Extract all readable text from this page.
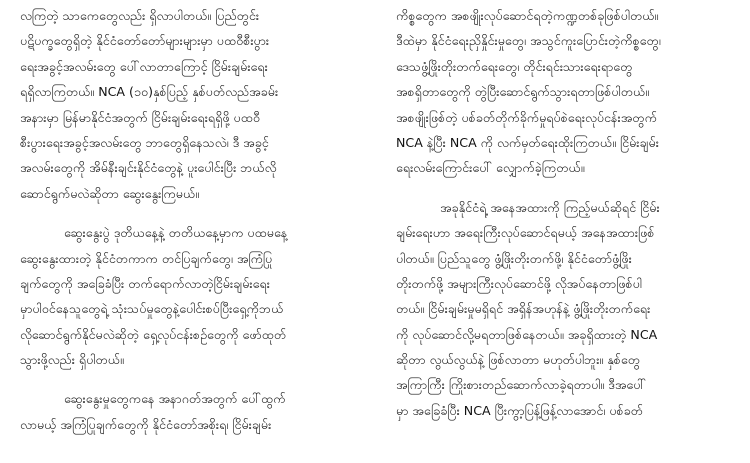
လကြတဲ့ သာကေတွေလည်း ရှိလာပါတယ်။ ပြည်တွင်း
ပဋိပက္ခတွေရှိတဲ့ နိုင်ငံတော်တော်များများမှာ ပထဝီစီးပွား
ရေးအခွင့်အလမ်းတွေ ပေါ်လာတာကြောင့် ငြိမ်းချမ်းရေး
ရရှိလာကြတယ်။ NCA (၁၀)နှစ်ပြည့် နှစ်ပတ်လည်အခမ်း
အနားမှာ မြန်မာနိုင်ငံအတွက် ငြိမ်းချမ်းရေးရရှိဖို့ ပထဝီ
စီးပွားရေးအခွင့်အလမ်းတွေ ဘာတွေရှိနေသလဲ၊ ဒီ အခွင့်
အလမ်းတွေကို အိမ်နီးချင်းနိုင်ငံတွေနဲ့ ပူးပေါင်းပြီး ဘယ်လို
ဆောင်ရွက်မလဲဆိုတာ ဆွေးနွေးကြမယ်။
ဆွေးနွေးပွဲ ဒုတိယနေ့နဲ့ တတိယနေ့မှာက ပထမနေ့
ဆွေးနွေးထားတဲ့ နိုင်ငံတကာက တင်ပြချက်တွေ၊ အကြံပြု
ချက်တွေကို အခြေခံပြီး တက်ရောက်လာတဲ့ငြိမ်းချမ်းရေး
မှာပါဝင်နေသူတွေရဲ့ သုံးသပ်မှုတွေနဲ့ပေါင်းစပ်ပြီးရှေ့ကိုဘယ်
လိုဆောင်ရွက်နိုင်မလဲဆိုတဲ့ ရှေ့လုပ်ငန်းစဉ်တွေကို ဖော်ထုတ်
သွားဖို့လည်း ရှိပါတယ်။
ဆွေးနွေးမှုတွေကနေ အနာဂတ်အတွက် ပေါ်ထွက်
လာမယ့် အကြံပြုချက်တွေကို နိုင်ငံတော်အစိုးရ၊ ငြိမ်းချမ်း
ကိစ္စတွေက အစဖျိုးလုပ်ဆောင်ရတဲ့ကဏ္ဍတစ်ခုဖြစ်ပါတယ်။
ဒီထဲမှာ နိုင်ငံရေးညှိနှိုင်းမှုတွေ၊ အသွင်ကူးပြောင်းတဲ့ကိစ္စတွေ၊
ဒေသဖွံ့ဖြိုးတိုးတက်ရေးတွေ၊ တိုင်းရင်းသားရေးရာတွေ
အစရှိတာတွေကို တွဲပြီးဆောင်ရွက်သွားရတာဖြစ်ပါတယ်။
အစဖျိုးဖြစ်တဲ့ ပစ်ခတ်တိုက်ခိုက်မှုရပ်စဲရေးလုပ်ငန်းအတွက်
NCA နဲ့ပြီး NCA ကို လက်မှတ်ရေးထိုးကြတယ်။ ငြိမ်းချမ်း
ရေးလမ်းကြောင်းပေါ် လျှောက်ခဲ့ကြတယ်။
အခုနိုင်ငံရဲ့ အနေအထားကို ကြည့်မယ်ဆိုရင် ငြိမ်း
ချမ်းရေးဟာ အရေးကြီးလုပ်ဆောင်ရမယ့် အနေအထားဖြစ်
ပါတယ်။ ပြည်သူတွေ ဖွံ့ဖြိုးတိုးတက်ဖို့၊ နိုင်ငံတော်ဖွံ့ဖြိုး
တိုးတက်ဖို့ အများကြီးလုပ်ဆောင်ဖို့ လိုအပ်နေတာဖြစ်ပါ
တယ်။ ငြိမ်းချမ်းမှုမရှိရင် အရှိန်အဟုန်နဲ့ ဖွံ့ဖြိုးတိုးတက်ရေး
ကို လုပ်ဆောင်လို့မရတာဖြစ်နေတယ်။ အခုရှိထားတဲ့ NCA
ဆိုတာ လွယ်လွယ်နဲ့ ဖြစ်လာတာ မဟုတ်ပါဘူး။ နှစ်တွေ
အကြာကြီး ကြိုးစားတည်ဆောက်လာခဲ့ရတာပါ။ ဒီအပေါ်
မှာ အခြေခံပြီး NCA ပြီးကွာ့ပြန့်ဖြန့်လာအောင်၊ ပစ်ခတ်
